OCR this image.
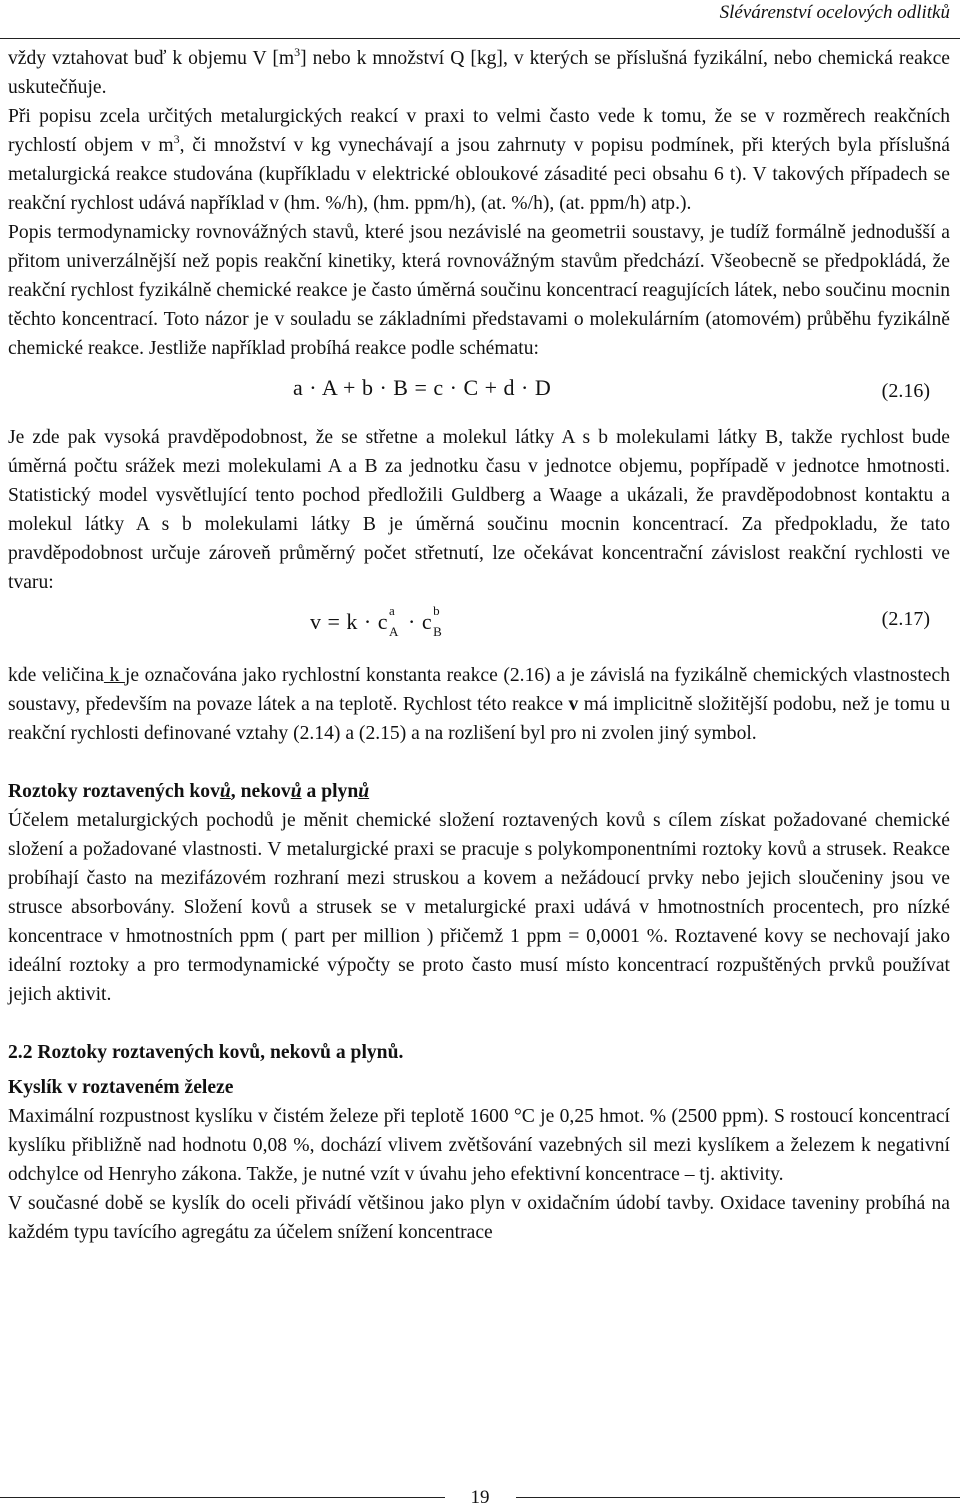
Slévárenství ocelových odlitků

vždy vztahovat buď k objemu V $[m^3]$ nebo k množství Q [kg], v kterých se příslušná fyzikální, nebo chemická reakce uskutečňuje.

Při popisu zcela určitých metalurgických reakcí v praxi to velmi často vede k tomu, že se v rozměrech reakčních rychlostí objem v $m^3$, či množství v kg vynechávají a jsou zahrnuty v popisu podmínek, při kterých byla příslušná metalurgická reakce studována (kupříkladu v elektrické obloukové zásadité peci obsahu 6 t). V takových případech se reakční rychlost udává například v (hm. %/h), (hm. ppm/h), (at. %/h), (at. ppm/h) atp.).

Popis termodynamicky rovnovážných stavů, které jsou nezávislé na geometrii soustavy, je tudíž formálně jednodušší a přitom univerzálnější než popis reakční kinetiky, která rovnovážným stavům předchází. Všeobecně se předpokládá, že reakční rychlost fyzikálně chemické reakce je často úměrná součinu koncentrací reagujících látek, nebo součinu mocnin těchto koncentrací. Toto názor je v souladu se základními představami o molekulárním (atomovém) průběhu fyzikálně chemické reakce. Jestliže například probíhá reakce podle schématu:

a · A + b · B = c · C + d · D	(2.16)

Je zde pak vysoká pravděpodobnost, že se střetne a molekul látky A s b molekulami látky B, takže rychlost bude úměrná počtu srážek mezi molekulami A a B za jednotku času v jednotce objemu, popřípadě v jednotce hmotnosti. Statistický model vysvětlující tento pochod předložili Guldberg a Waage a ukázali, že pravděpodobnost kontaktu a molekul látky A s b molekulami látky B je úměrná součinu mocnin koncentrací. Za předpokladu, že tato pravděpodobnost určuje zároveň průměrný počet střetnutí, lze očekávat koncentrační závislost reakční rychlosti ve tvaru:

v = k · c a
A · c b
B
(2.17)

kde veličina k je označována jako rychlostní konstanta reakce (2.16) a je závislá na fyzikálně chemických vlastnostech soustavy, především na povaze látek a na teplotě. Rychlost této reakce v má implicitně složitější podobu, než je tomu u reakční rychlosti definované vztahy (2.14) a (2.15) a na rozlišení byl pro ni zvolen jiný symbol.

Roztoky roztavených kovů, nekovů a plynů

Účelem metalurgických pochodů je měnit chemické složení roztavených kovů s cílem získat požadované chemické složení a požadované vlastnosti. V metalurgické praxi se pracuje s polykomponentními roztoky kovů a strusek. Reakce probíhají často na mezifázovém rozhraní mezi struskou a kovem a nežádoucí prvky nebo jejich sloučeniny jsou ve strusce absorbovány. Složení kovů a strusek se v metalurgické praxi udává v hmotnostních procentech, pro nízké koncentrace v hmotnostních ppm ( part per million ) přičemž 1 ppm = 0,0001 %. Roztavené kovy se nechovají jako ideální roztoky a pro termodynamické výpočty se proto často musí místo koncentrací rozpuštěných prvků používat jejich aktivit.

2.2 Roztoky roztavených kovů, nekovů a plynů.

Kyslík v roztaveném železe

Maximální rozpustnost kyslíku v čistém železe při teplotě 1600 °C je 0,25 hmot. % (2500 ppm). S rostoucí koncentrací kyslíku přibližně nad hodnotu 0,08 %, dochází vlivem zvětšování vazebných sil mezi kyslíkem a železem k negativní odchylce od Henryho zákona. Takže, je nutné vzít v úvahu jeho efektivní koncentrace – tj. aktivity.

V současné době se kyslík do oceli přivádí většinou jako plyn v oxidačním údobí tavby. Oxidace taveniny probíhá na každém typu tavícího agregátu za účelem snížení koncentrace

19
